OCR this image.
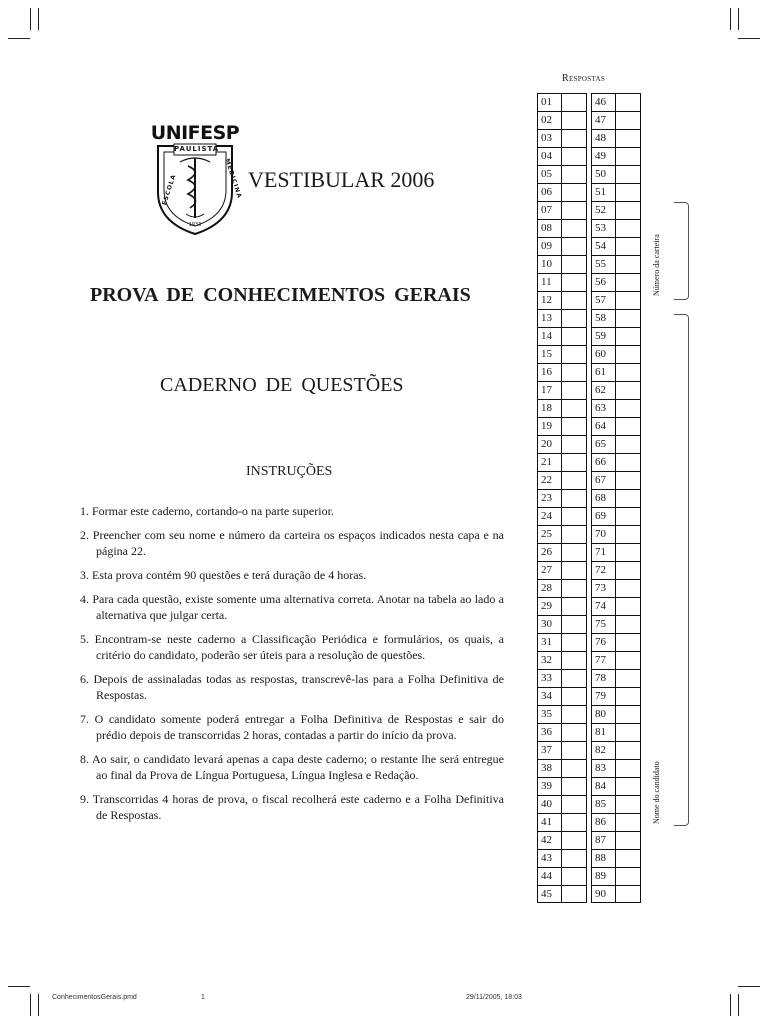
UNIFESP
PAULISTA
ESCOLA	MEDICINA
1933
VESTIBULAR 2006
PROVA DE CONHECIMENTOS GERAIS
CADERNO DE QUESTÕES
INSTRUÇÕES
1. Formar este caderno, cortando-o na parte superior.
2. Preencher com seu nome e número da carteira os espaços indicados nesta capa e na página 22.
3. Esta prova contém 90 questões e terá duração de 4 horas.
4. Para cada questão, existe somente uma alternativa correta. Anotar na tabela ao lado a alternativa que julgar certa.
5. Encontram-se neste caderno a Classificação Periódica e formulários, os quais, a critério do candidato, poderão ser úteis para a resolução de questões.
6. Depois de assinaladas todas as respostas, transcrevê-las para a Folha Definitiva de Respostas.
7. O candidato somente poderá entregar a Folha Definitiva de Respostas e sair do prédio depois de transcorridas 2 horas, contadas a partir do início da prova.
8. Ao sair, o candidato levará apenas a capa deste caderno; o restante lhe será entregue ao final da Prova de Língua Portuguesa, Língua Inglesa e Redação.
9. Transcorridas 4 horas de prova, o fiscal recolherá este caderno e a Folha Definitiva de Respostas.
Respostas
01
02
03
04
05
06
07
08
09
10
11
12
13
14
15
16
17
18
19
20
21
22
23
24
25
26
27
28
29
30
31
32
33
34
35
36
37
38
39
40
41
42
43
44
45
46
47
48
49
50
51
52
53
54
55
56
57
58
59
60
61
62
63
64
65
66
67
68
69
70
71
72
73
74
75
76
77
78
79
80
81
82
83
84
85
86
87
88
89
90
Número da carteira
Nome do candidato
ConhecimentosGerais.pmd	1	29/11/2005, 18:03
